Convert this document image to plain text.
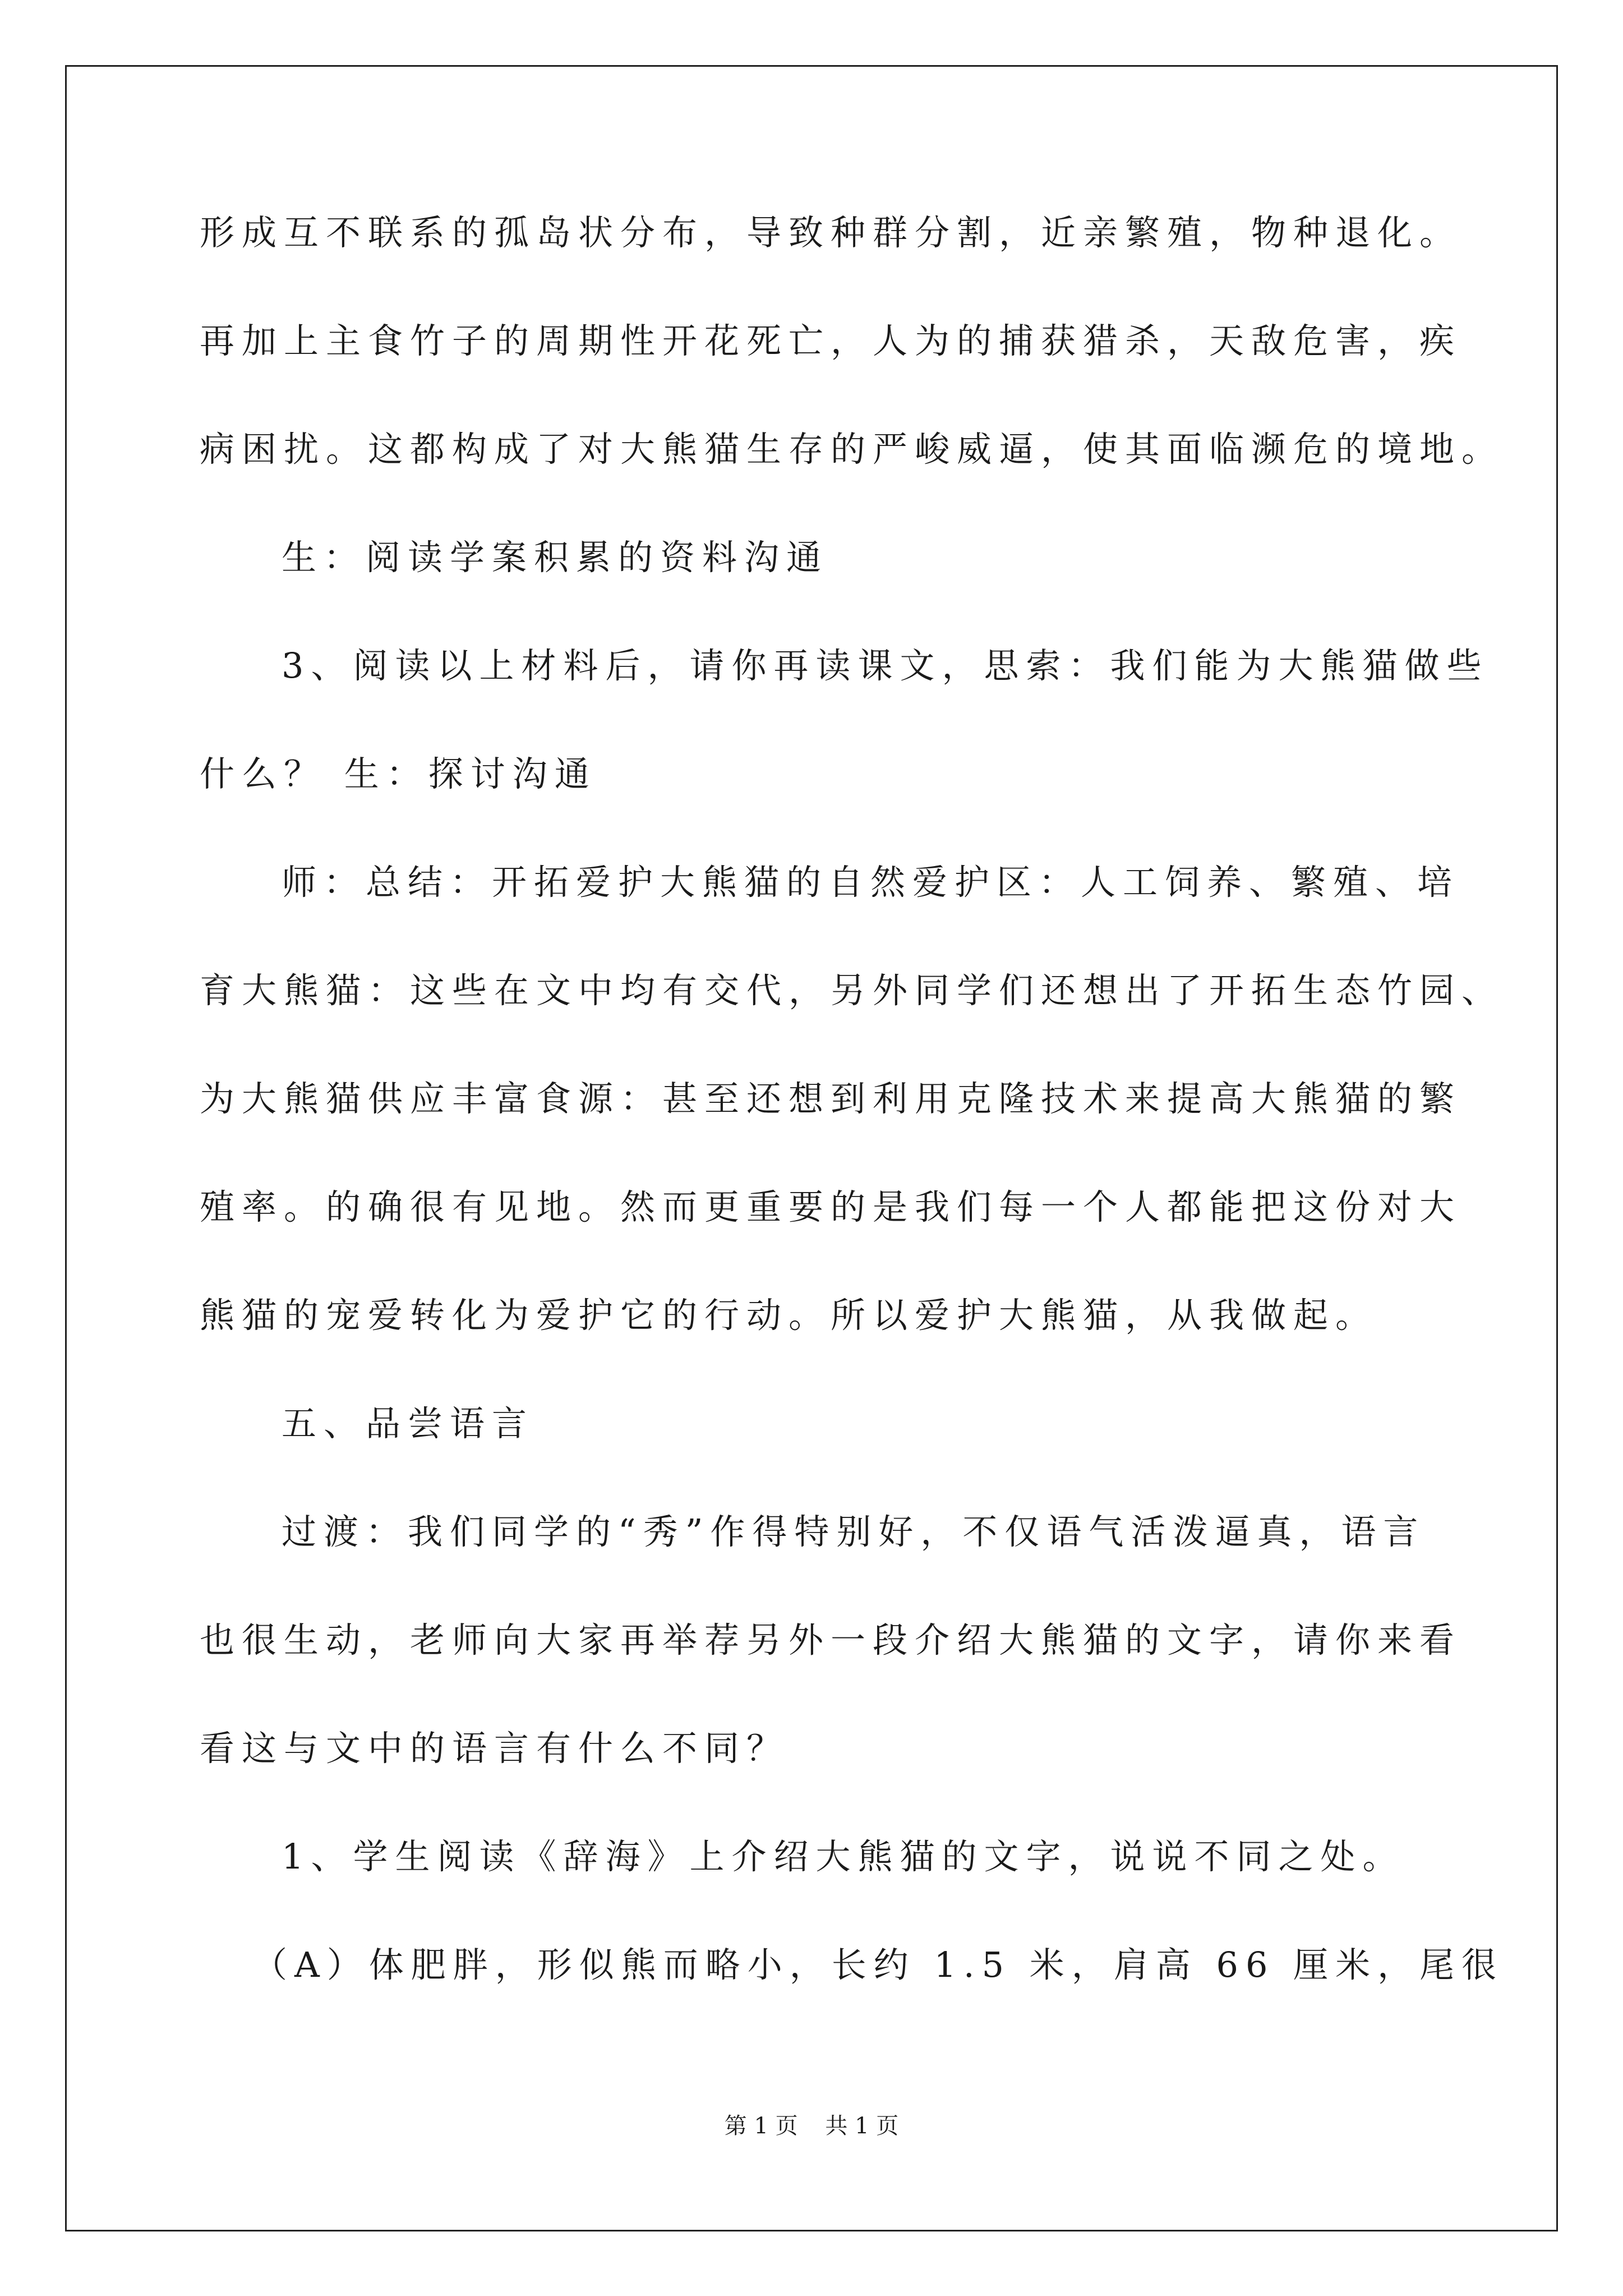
形成互不联系的孤岛状分布，导致种群分割，近亲繁殖，物种退化。
再加上主食竹子的周期性开花死亡，人为的捕获猎杀，天敌危害，疾
病困扰。这都构成了对大熊猫生存的严峻威逼，使其面临濒危的境地。
生：阅读学案积累的资料沟通
3、阅读以上材料后，请你再读课文，思索：我们能为大熊猫做些
什么？ 生：探讨沟通
师：总结：开拓爱护大熊猫的自然爱护区：人工饲养、繁殖、培
育大熊猫：这些在文中均有交代，另外同学们还想出了开拓生态竹园、
为大熊猫供应丰富食源：甚至还想到利用克隆技术来提高大熊猫的繁
殖率。的确很有见地。然而更重要的是我们每一个人都能把这份对大
熊猫的宠爱转化为爱护它的行动。所以爱护大熊猫，从我做起。
五、品尝语言
过渡：我们同学的“秀”作得特别好，不仅语气活泼逼真，语言
也很生动，老师向大家再举荐另外一段介绍大熊猫的文字，请你来看
看这与文中的语言有什么不同？
1、学生阅读《辞海》上介绍大熊猫的文字，说说不同之处。
（A）体肥胖，形似熊而略小，长约 1.5 米，肩高 66 厘米，尾很
第 1 页 共 1 页
